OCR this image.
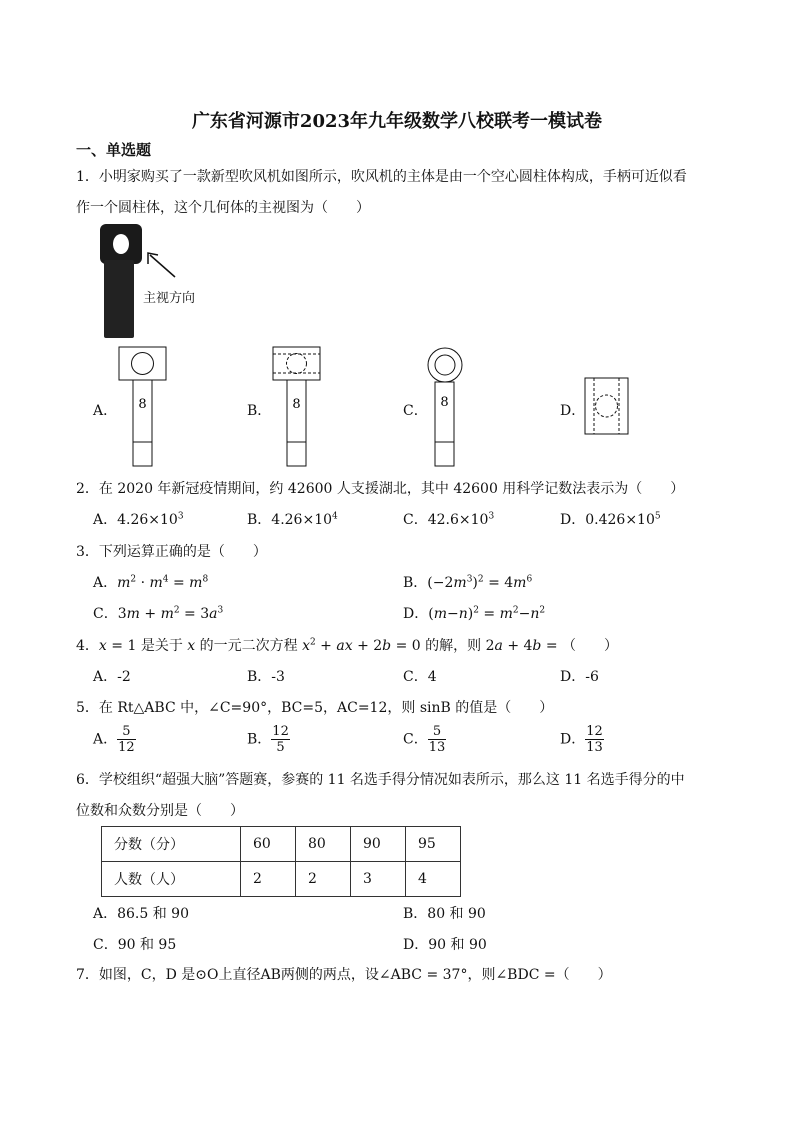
广东省河源市2023年九年级数学八校联考一模试卷
一、单选题
1．小明家购买了一款新型吹风机如图所示，吹风机的主体是由一个空心圆柱体构成，手柄可近似看
作一个圆柱体，这个几何体的主视图为（　　）
主视方向
A． 8	B． 8	C．
8
D．
2．在 2020 年新冠疫情期间，约 42600 人支援湖北，其中 42600 用科学记数法表示为（　　）
A．$4.26\times 10^3$	B．$4.26\times 10^4$	C．$42.6\times 10^3$	D．$0.426\times 10^5$
3．下列运算正确的是（　　）
A．$m^2 \cdot m^4 = m^8$	B．$(-2m^3)^2 = 4m^6$
C．$3m + m^2 = 3a^3$	D．$(m-n)^2 = m^2-n^2$
4．x = 1 是关于 x 的一元二次方程 $x^2$ + ax + 2b = 0 的解，则 2a + 4b = （　　）
A．-2	B．-3	C．4	D．-6
5．在 Rt△ABC 中，∠C=90°，BC=5，AC=12，则 sinB 的值是（　　）
A． $\frac{5}{12}$	B． $\frac{12}{5}$	C． $\frac{5}{13}$	D． $\frac{12}{13}$
6．学校组织“超强大脑”答题赛，参赛的 11 名选手得分情况如表所示，那么这 11 名选手得分的中
位数和众数分别是（　　）
分数（分）	60	80	90	95
人数（人）	2	2	3	4
A．86.5 和 90	B．80 和 90
C．90 和 95	D．90 和 90
7．如图，C，D 是⊙O上直径AB两侧的两点，设∠ABC = 37°，则∠BDC =（　　）
